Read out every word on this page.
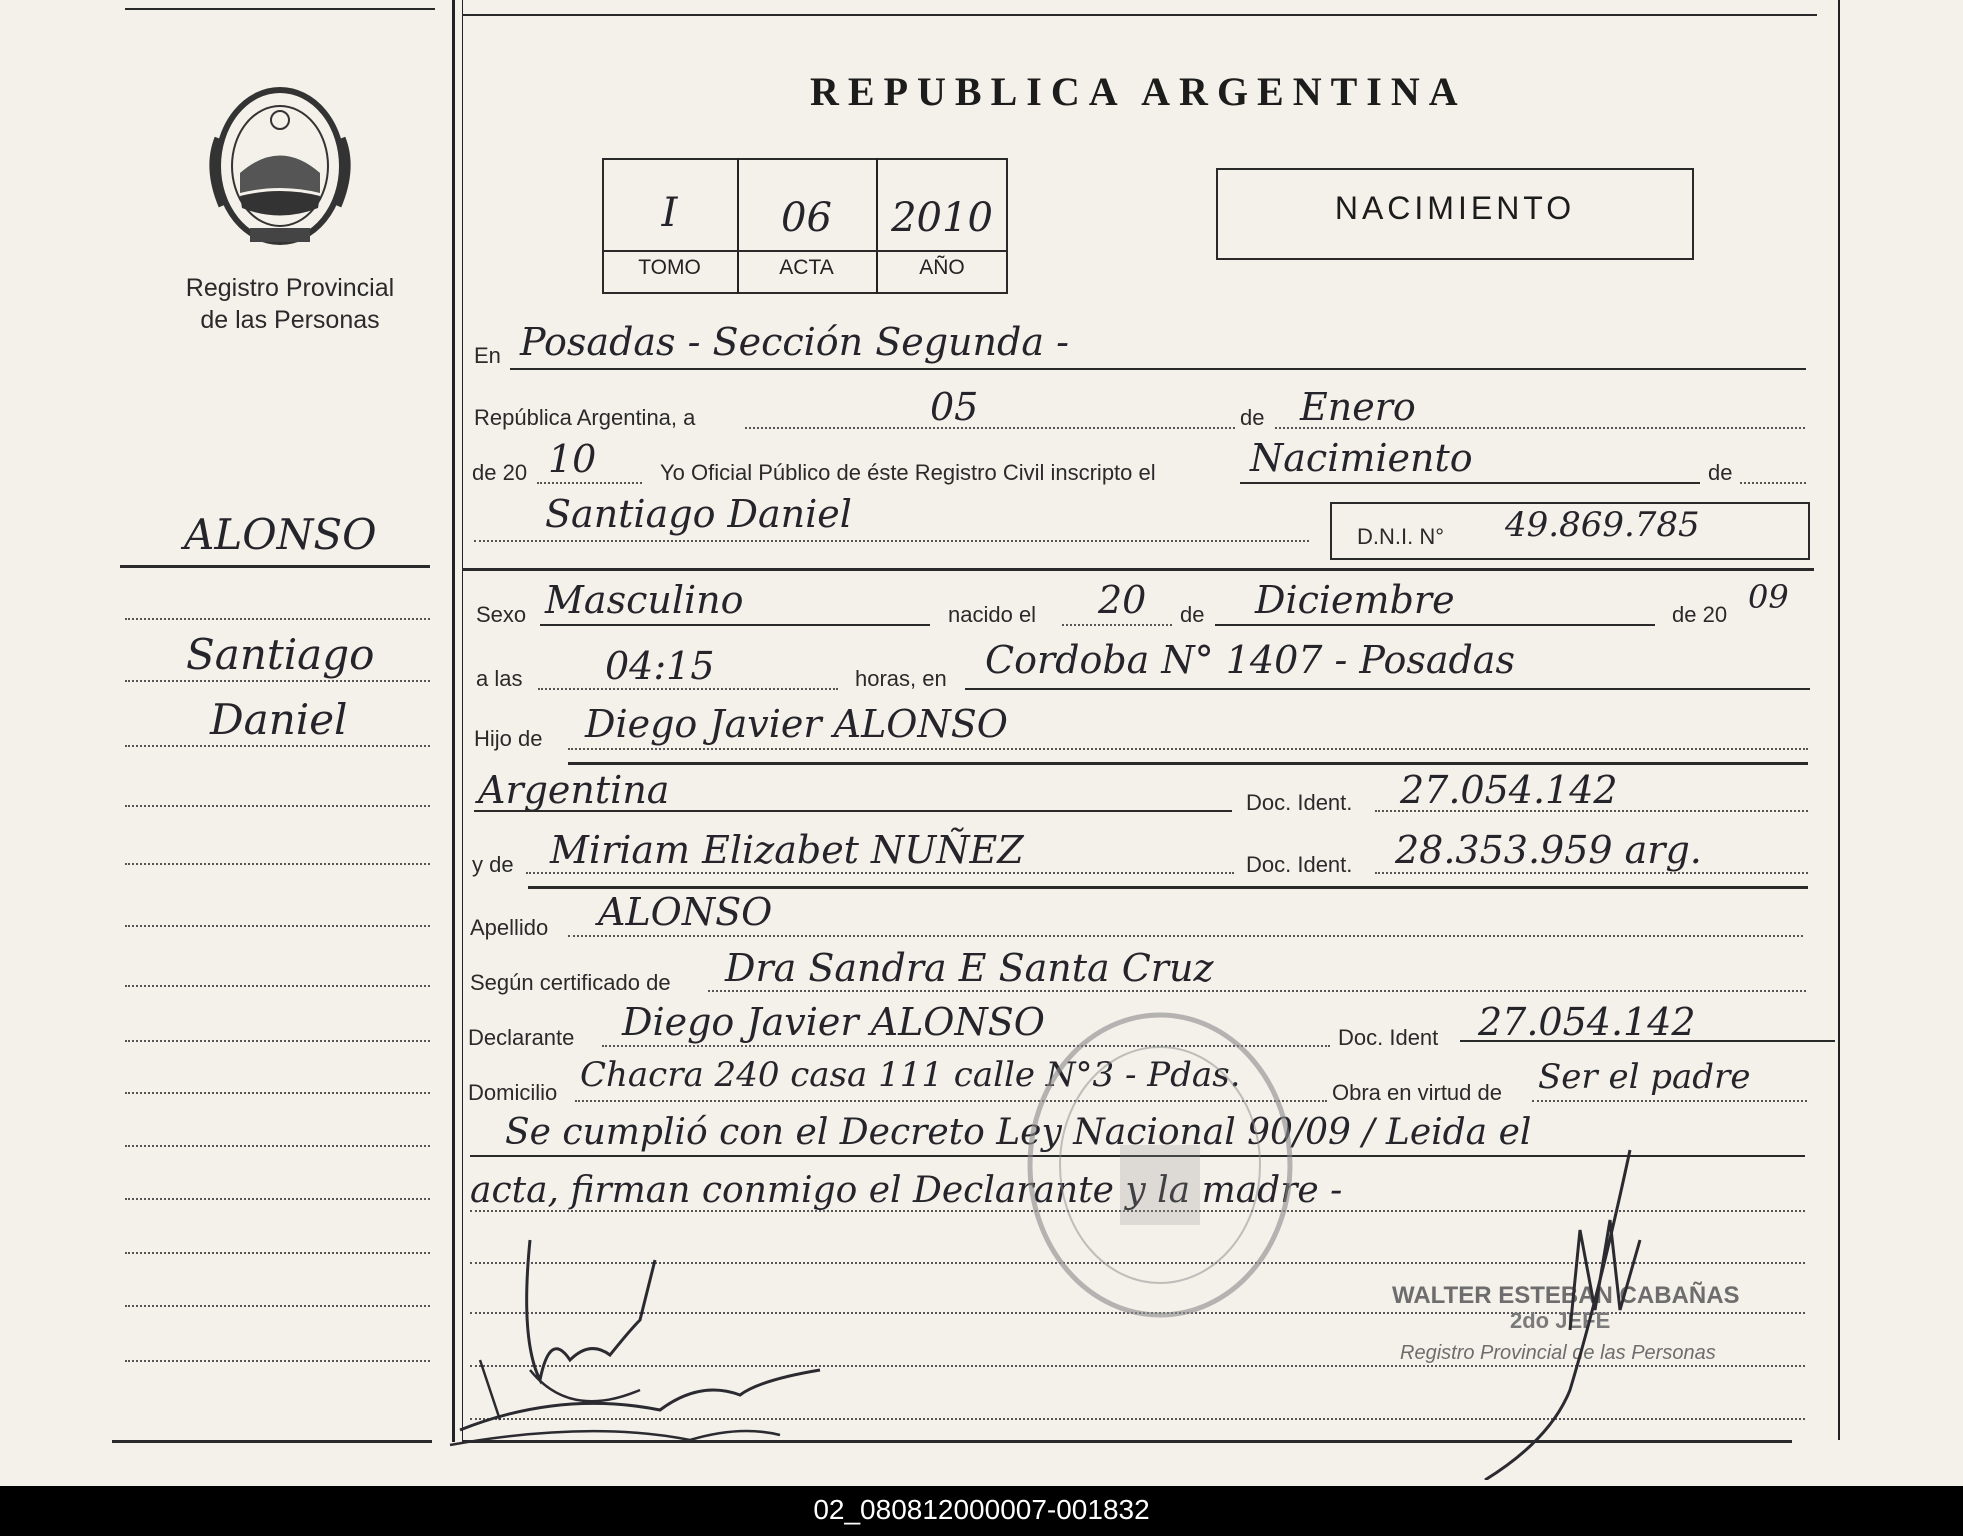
Registro Provincial
de las Personas
ALONSO
Santiago
Daniel
REPUBLICA ARGENTINA
I	06	2010
TOMO	ACTA	AÑO
NACIMIENTO
En Posadas - Sección Segunda -
República Argentina, a	05	de Enero
de 20 10	Yo Oficial Público de éste Registro Civil inscripto el Nacimiento	de
Santiago Daniel
D.N.I. N° 49.869.785
Sexo Masculino	nacido el 20 de Diciembre	de 20 09
a las 04:15	horas, en Cordoba N° 1407 - Posadas
Hijo de Diego Javier ALONSO
Argentina	Doc. Ident. 27.054.142
y de Miriam Elizabet NUÑEZ	Doc. Ident. 28.353.959 arg.
Apellido ALONSO
Según certificado de Dra Sandra E Santa Cruz
Declarante Diego Javier ALONSO	Doc. Ident 27.054.142
Domicilio Chacra 240 casa 111 calle N°3 - Pdas.	Obra en virtud de Ser el padre
Se cumplió con el Decreto Ley Nacional 90/09 / Leida el
acta, firman conmigo el Declarante y la madre -
WALTER ESTEBAN CABAÑAS
2do JEFE
Registro Provincial de las Personas
02_080812000007-001832
